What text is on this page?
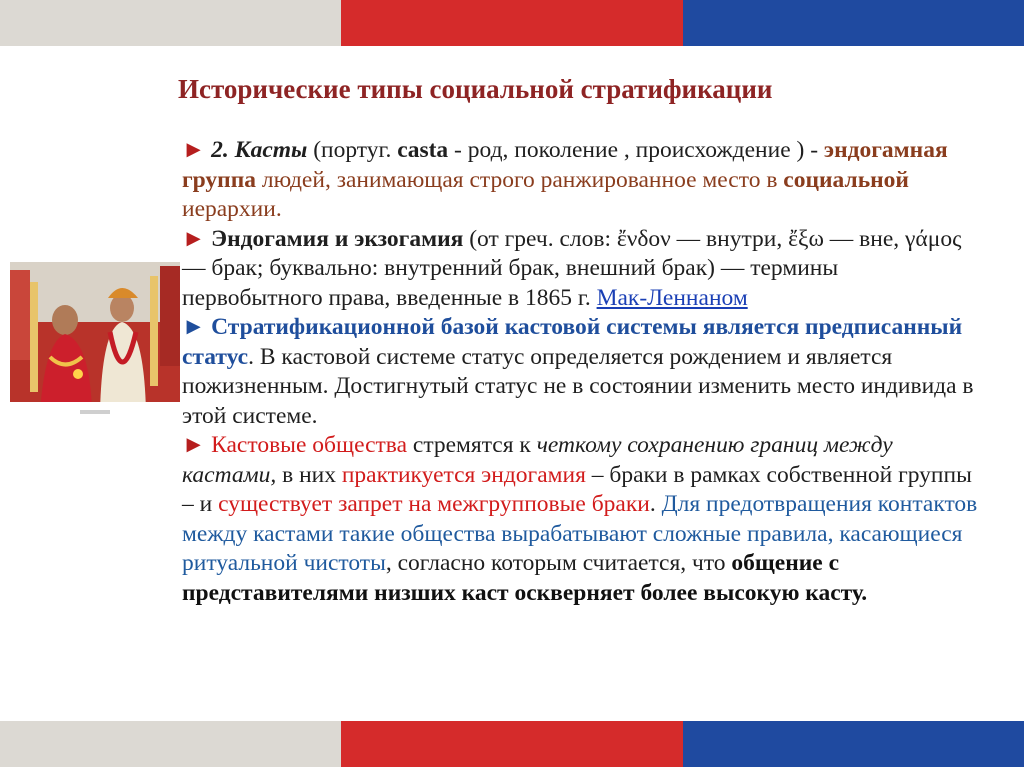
Исторические типы социальной стратификации

► 2. Касты (португ. casta - род, поколение , происхождение ) - эндогамная группа людей, занимающая строго ранжированное место в социальной иерархии.

► Эндогамия и экзогамия (от греч. слов: ἔνδον — внутри, ἔξω — вне, γάμος — брак; буквально: внутренний брак, внешний брак) — термины первобытного права, введенные в 1865 г. Мак-Леннаном

► Стратификационной базой кастовой системы является предписанный статус. В кастовой системе статус определяется рождением и является пожизненным. Достигнутый статус не в состоянии изменить место индивида в этой системе.

► Кастовые общества стремятся к четкому сохранению границ между кастами, в них практикуется эндогамия – браки в рамках собственной группы – и существует запрет на межгрупповые браки. Для предотвращения контактов между кастами такие общества вырабатывают сложные правила, касающиеся ритуальной чистоты, согласно которым считается, что общение с представителями низших каст оскверняет более высокую касту.
